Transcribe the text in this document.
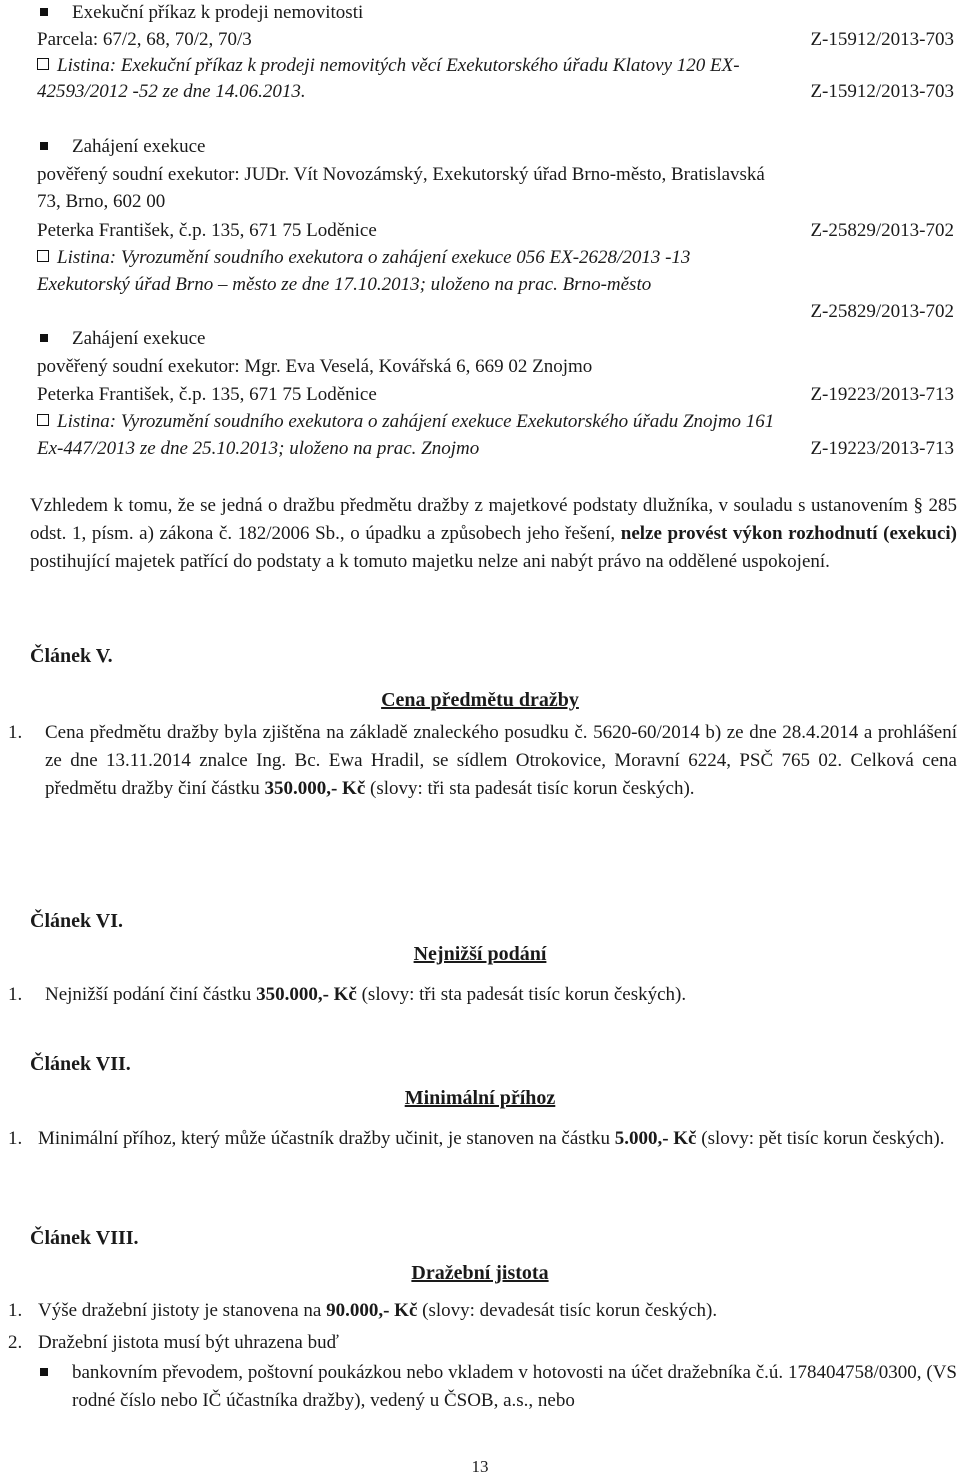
Exekuční příkaz k prodeji nemovitosti
Parcela: 67/2, 68, 70/2, 70/3	Z-15912/2013-703
Listina: Exekuční příkaz k prodeji nemovitých věcí Exekutorského úřadu Klatovy 120 EX-
42593/2012 -52 ze dne 14.06.2013.	Z-15912/2013-703
Zahájení exekuce
pověřený soudní exekutor: JUDr. Vít Novozámský, Exekutorský úřad Brno-město, Bratislavská
73, Brno, 602 00
Peterka František, č.p. 135, 671 75 Loděnice	Z-25829/2013-702
Listina: Vyrozumění soudního exekutora o zahájení exekuce 056 EX-2628/2013 -13
Exekutorský úřad Brno – město ze dne 17.10.2013; uloženo na prac. Brno-město
Z-25829/2013-702
Zahájení exekuce
pověřený soudní exekutor: Mgr. Eva Veselá, Kovářská 6, 669 02 Znojmo
Peterka František, č.p. 135, 671 75 Loděnice	Z-19223/2013-713
Listina: Vyrozumění soudního exekutora o zahájení exekuce Exekutorského úřadu Znojmo 161
Ex-447/2013 ze dne 25.10.2013; uloženo na prac. Znojmo	Z-19223/2013-713
Vzhledem k tomu, že se jedná o dražbu předmětu dražby z majetkové podstaty dlužníka, v souladu s ustanovením § 285 odst. 1, písm. a) zákona č. 182/2006 Sb., o úpadku a způsobech jeho řešení, nelze provést výkon rozhodnutí (exekuci) postihující majetek patřící do podstaty a k tomuto majetku nelze ani nabýt právo na oddělené uspokojení.
Článek V.
Cena předmětu dražby
1. Cena předmětu dražby byla zjištěna na základě znaleckého posudku č. 5620-60/2014 b) ze dne 28.4.2014 a prohlášení ze dne 13.11.2014 znalce Ing. Bc. Ewa Hradil, se sídlem Otrokovice, Moravní 6224, PSČ 765 02. Celková cena předmětu dražby činí částku 350.000,- Kč (slovy: tři sta padesát tisíc korun českých).
Článek VI.
Nejnižší podání
1. Nejnižší podání činí částku 350.000,- Kč (slovy: tři sta padesát tisíc korun českých).
Článek VII.
Minimální příhoz
1. Minimální příhoz, který může účastník dražby učinit, je stanoven na částku 5.000,- Kč (slovy: pět tisíc korun českých).
Článek VIII.
Dražební jistota
1. Výše dražební jistoty je stanovena na 90.000,- Kč (slovy: devadesát tisíc korun českých).
2. Dražební jistota musí být uhrazena buď
bankovním převodem, poštovní poukázkou nebo vkladem v hotovosti na účet dražebníka č.ú. 178404758/0300, (VS rodné číslo nebo IČ účastníka dražby), vedený u ČSOB, a.s., nebo
13
